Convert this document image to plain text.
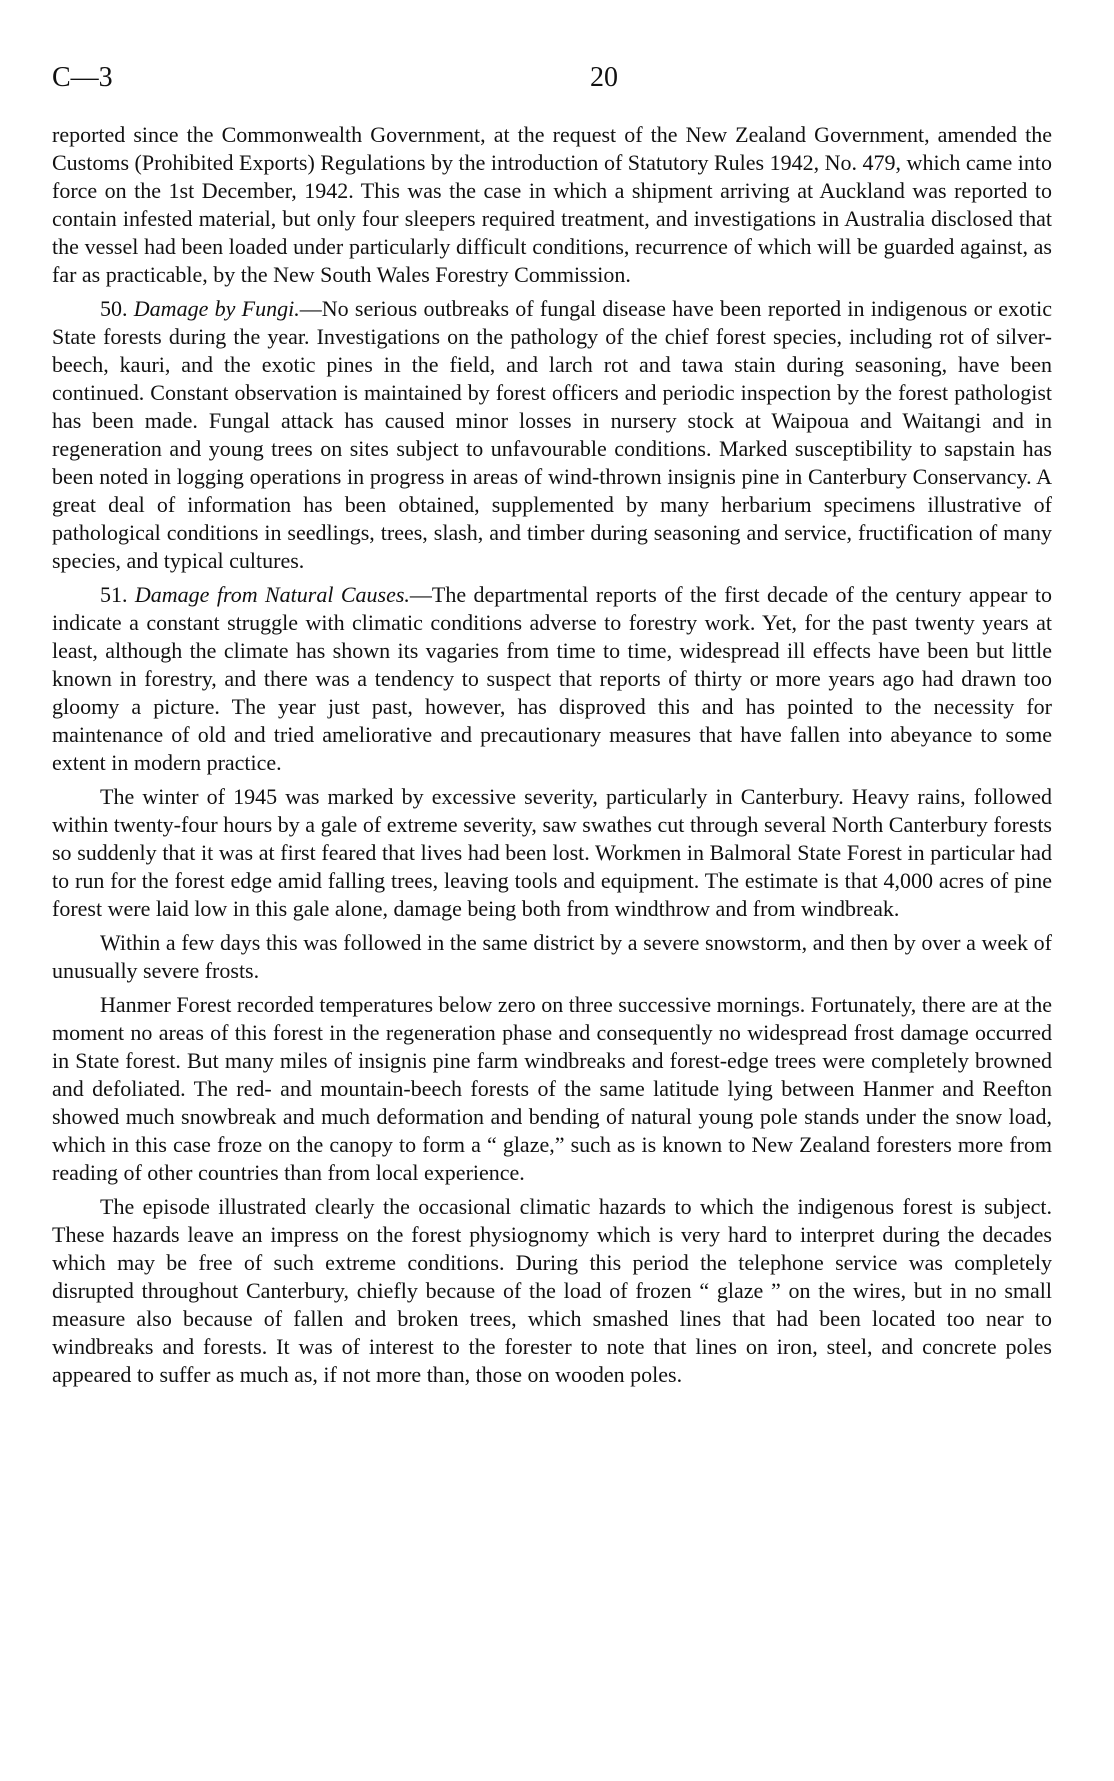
C—3	20

reported since the Commonwealth Government, at the request of the New Zealand Government, amended the Customs (Prohibited Exports) Regulations by the introduction of Statutory Rules 1942, No. 479, which came into force on the 1st December, 1942. This was the case in which a shipment arriving at Auckland was reported to contain infested material, but only four sleepers required treatment, and investigations in Australia disclosed that the vessel had been loaded under particularly difficult conditions, recurrence of which will be guarded against, as far as practicable, by the New South Wales Forestry Commission.

50. Damage by Fungi.—No serious outbreaks of fungal disease have been reported in indigenous or exotic State forests during the year. Investigations on the pathology of the chief forest species, including rot of silver-beech, kauri, and the exotic pines in the field, and larch rot and tawa stain during seasoning, have been continued. Constant observation is maintained by forest officers and periodic inspection by the forest pathologist has been made. Fungal attack has caused minor losses in nursery stock at Waipoua and Waitangi and in regeneration and young trees on sites subject to unfavourable conditions. Marked susceptibility to sapstain has been noted in logging operations in progress in areas of wind-thrown insignis pine in Canterbury Conservancy. A great deal of information has been obtained, supplemented by many herbarium specimens illustrative of pathological conditions in seedlings, trees, slash, and timber during seasoning and service, fructification of many species, and typical cultures.

51. Damage from Natural Causes.—The departmental reports of the first decade of the century appear to indicate a constant struggle with climatic conditions adverse to forestry work. Yet, for the past twenty years at least, although the climate has shown its vagaries from time to time, widespread ill effects have been but little known in forestry, and there was a tendency to suspect that reports of thirty or more years ago had drawn too gloomy a picture. The year just past, however, has disproved this and has pointed to the necessity for maintenance of old and tried ameliorative and precautionary measures that have fallen into abeyance to some extent in modern practice.

The winter of 1945 was marked by excessive severity, particularly in Canterbury. Heavy rains, followed within twenty-four hours by a gale of extreme severity, saw swathes cut through several North Canterbury forests so suddenly that it was at first feared that lives had been lost. Workmen in Balmoral State Forest in particular had to run for the forest edge amid falling trees, leaving tools and equipment. The estimate is that 4,000 acres of pine forest were laid low in this gale alone, damage being both from windthrow and from windbreak.

Within a few days this was followed in the same district by a severe snowstorm, and then by over a week of unusually severe frosts.

Hanmer Forest recorded temperatures below zero on three successive mornings. Fortunately, there are at the moment no areas of this forest in the regeneration phase and consequently no widespread frost damage occurred in State forest. But many miles of insignis pine farm windbreaks and forest-edge trees were completely browned and defoliated. The red- and mountain-beech forests of the same latitude lying between Hanmer and Reefton showed much snowbreak and much deformation and bending of natural young pole stands under the snow load, which in this case froze on the canopy to form a “ glaze,” such as is known to New Zealand foresters more from reading of other countries than from local experience.

The episode illustrated clearly the occasional climatic hazards to which the indigenous forest is subject. These hazards leave an impress on the forest physiognomy which is very hard to interpret during the decades which may be free of such extreme conditions. During this period the telephone service was completely disrupted throughout Canterbury, chiefly because of the load of frozen “ glaze ” on the wires, but in no small measure also because of fallen and broken trees, which smashed lines that had been located too near to windbreaks and forests. It was of interest to the forester to note that lines on iron, steel, and concrete poles appeared to suffer as much as, if not more than, those on wooden poles.
